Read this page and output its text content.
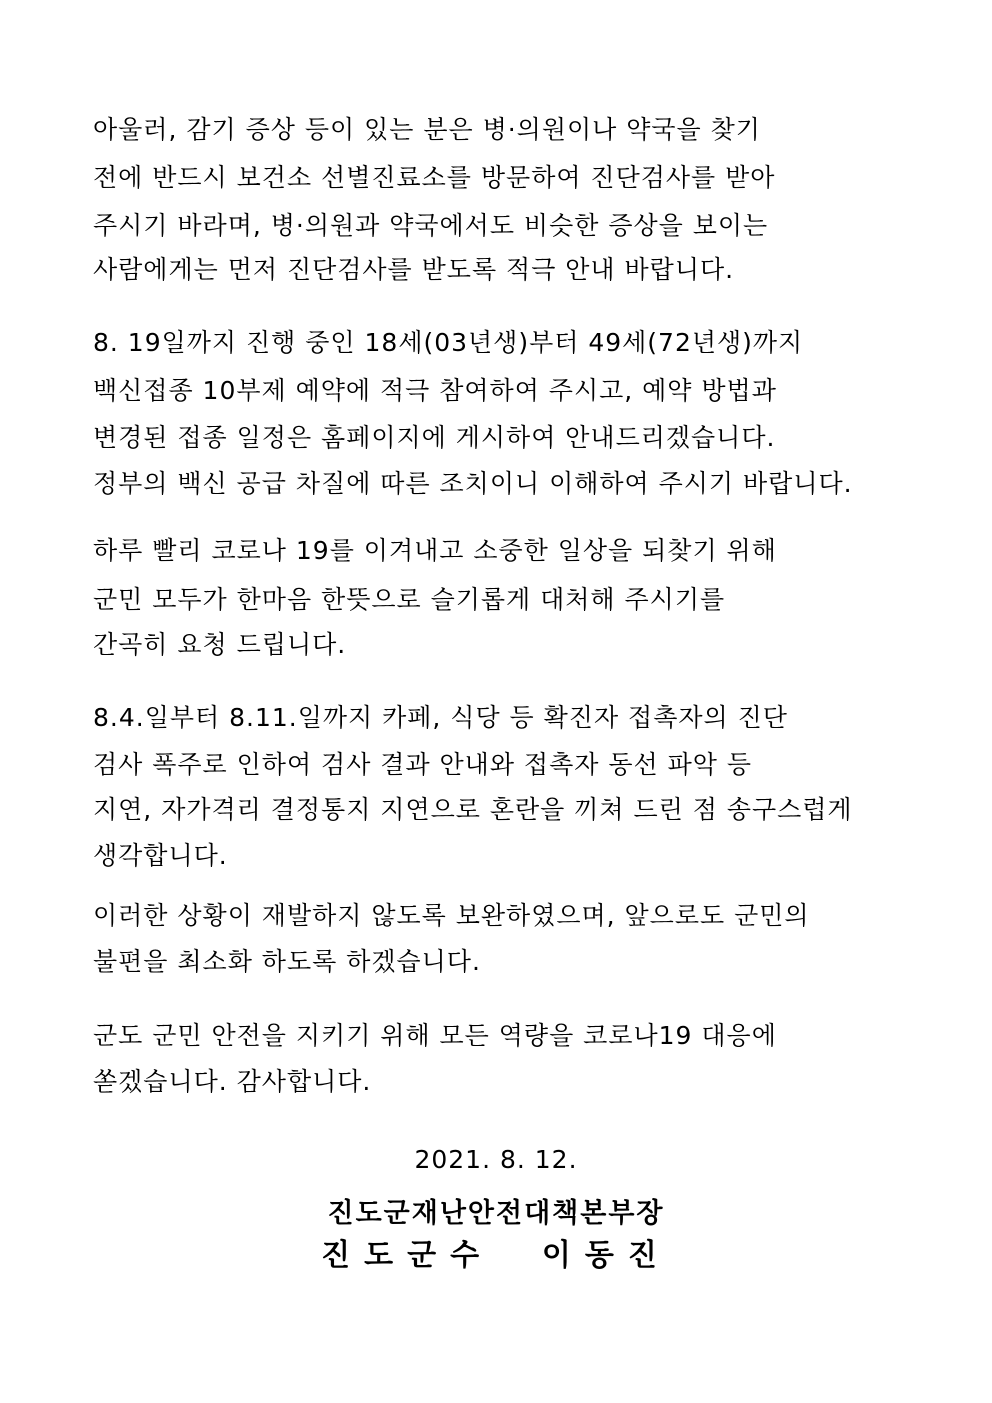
아울러, 감기 증상 등이 있는 분은 병·의원이나 약국을 찾기
전에 반드시 보건소 선별진료소를 방문하여 진단검사를 받아
주시기 바라며, 병·의원과 약국에서도 비슷한 증상을 보이는
사람에게는 먼저 진단검사를 받도록 적극 안내 바랍니다.
8. 19일까지 진행 중인 18세(03년생)부터 49세(72년생)까지
백신접종 10부제 예약에 적극 참여하여 주시고, 예약 방법과
변경된 접종 일정은 홈페이지에 게시하여 안내드리겠습니다.
정부의 백신 공급 차질에 따른 조치이니 이해하여 주시기 바랍니다.
하루 빨리 코로나 19를 이겨내고 소중한 일상을 되찾기 위해
군민 모두가 한마음 한뜻으로 슬기롭게 대처해 주시기를
간곡히 요청 드립니다.
8.4.일부터 8.11.일까지 카페, 식당 등 확진자 접촉자의 진단
검사 폭주로 인하여 검사 결과 안내와 접촉자 동선 파악 등
지연, 자가격리 결정통지 지연으로 혼란을 끼쳐 드린 점 송구스럽게
생각합니다.
이러한 상황이 재발하지 않도록 보완하였으며, 앞으로도 군민의
불편을 최소화 하도록 하겠습니다.
군도 군민 안전을 지키기 위해 모든 역량을 코로나19 대응에
쏟겠습니다. 감사합니다.
2021. 8. 12.
진도군재난안전대책본부장
진도군수  이동진
